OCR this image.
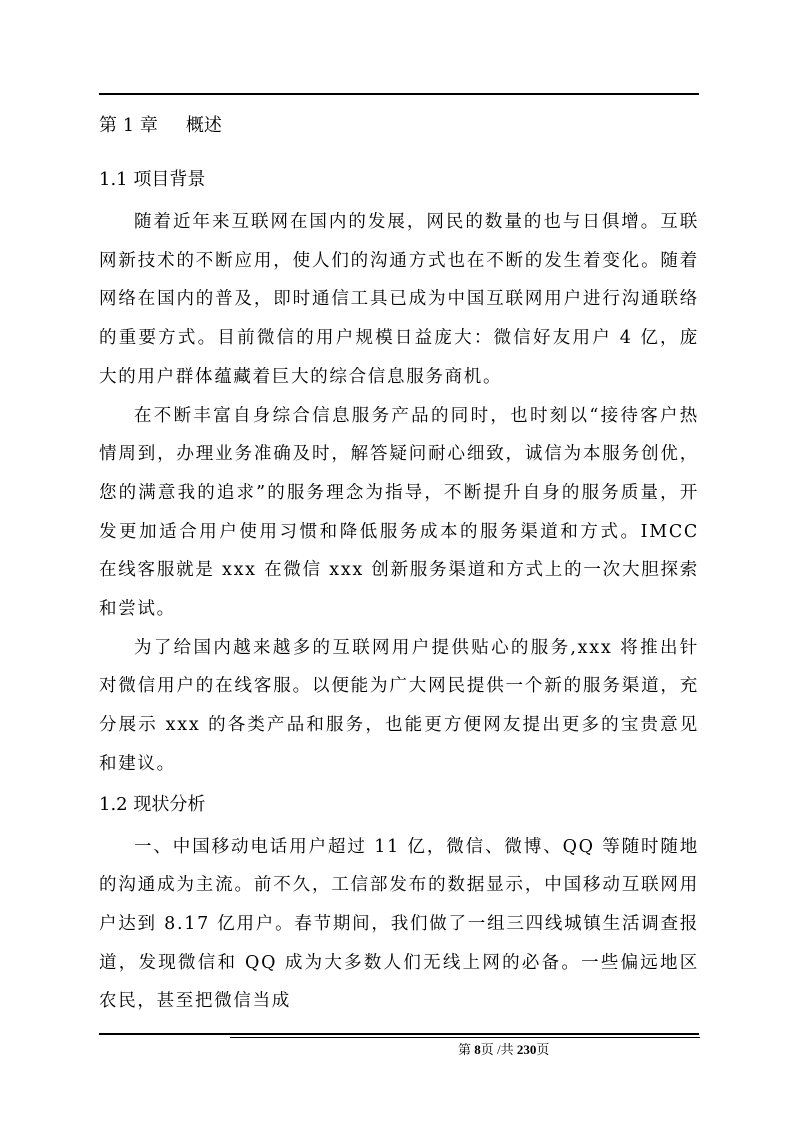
第 1 章 概述
1.1 项目背景

随着近年来互联网在国内的发展，网民的数量的也与日俱增。互联网新技术的不断应用，使人们的沟通方式也在不断的发生着变化。随着网络在国内的普及，即时通信工具已成为中国互联网用户进行沟通联络的重要方式。目前微信的用户规模日益庞大：微信好友用户 4 亿，庞大的用户群体蕴藏着巨大的综合信息服务商机。

在不断丰富自身综合信息服务产品的同时，也时刻以“接待客户热情周到，办理业务准确及时，解答疑问耐心细致，诚信为本服务创优，您的满意我的追求”的服务理念为指导，不断提升自身的服务质量，开发更加适合用户使用习惯和降低服务成本的服务渠道和方式。IMCC 在线客服就是 xxx 在微信 xxx 创新服务渠道和方式上的一次大胆探索和尝试。

为了给国内越来越多的互联网用户提供贴心的服务,xxx 将推出针对微信用户的在线客服。以便能为广大网民提供一个新的服务渠道，充分展示 xxx 的各类产品和服务，也能更方便网友提出更多的宝贵意见和建议。

1.2 现状分析

一、中国移动电话用户超过 11 亿，微信、微博、QQ 等随时随地的沟通成为主流。前不久，工信部发布的数据显示，中国移动互联网用户达到 8.17 亿用户。春节期间，我们做了一组三四线城镇生活调查报道，发现微信和 QQ 成为大多数人们无线上网的必备。一些偏远地区农民，甚至把微信当成

第 8页 /共 230页
